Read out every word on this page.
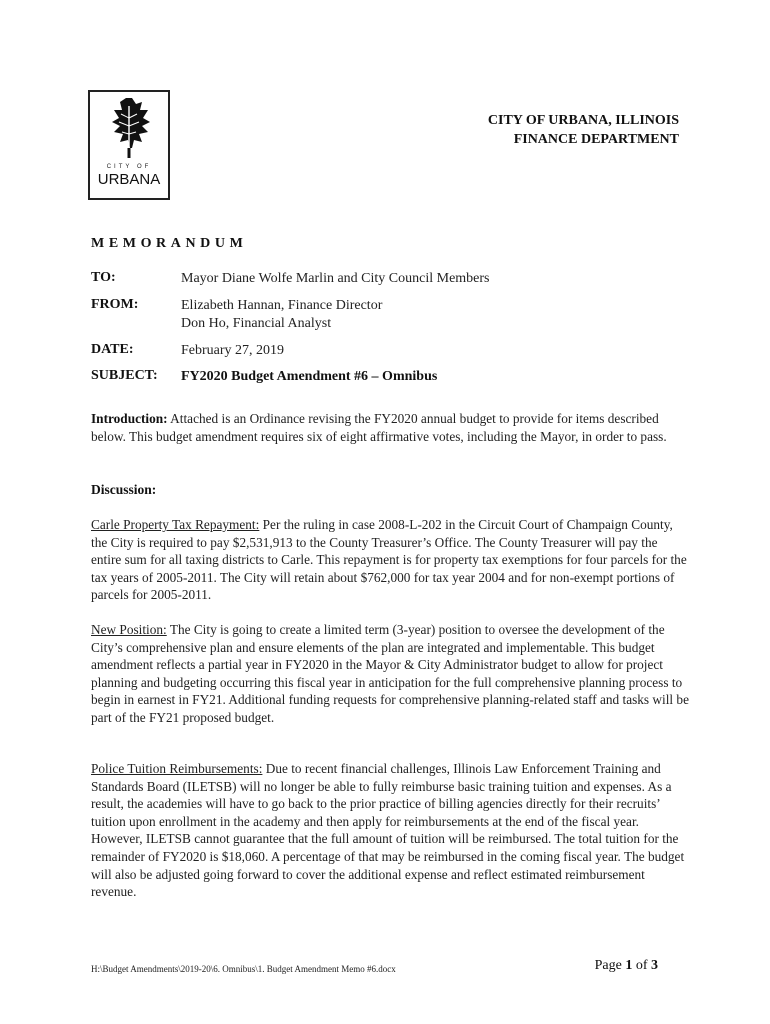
CITY OF
URBANA
CITY OF URBANA, ILLINOIS
FINANCE DEPARTMENT
MEMORANDUM
TO:	Mayor Diane Wolfe Marlin and City Council Members
FROM:	Elizabeth Hannan, Finance Director
Don Ho, Financial Analyst
DATE:	February 27, 2019
SUBJECT: FY2020 Budget Amendment #6 – Omnibus
Introduction: Attached is an Ordinance revising the FY2020 annual budget to provide for items described below. This budget amendment requires six of eight affirmative votes, including the Mayor, in order to pass.
Discussion:
Carle Property Tax Repayment: Per the ruling in case 2008-L-202 in the Circuit Court of Champaign County, the City is required to pay $2,531,913 to the County Treasurer’s Office. The County Treasurer will pay the entire sum for all taxing districts to Carle. This repayment is for property tax exemptions for four parcels for the tax years of 2005-2011. The City will retain about $762,000 for tax year 2004 and for non-exempt portions of parcels for 2005-2011.
New Position: The City is going to create a limited term (3-year) position to oversee the development of the City’s comprehensive plan and ensure elements of the plan are integrated and implementable. This budget amendment reflects a partial year in FY2020 in the Mayor & City Administrator budget to allow for project planning and budgeting occurring this fiscal year in anticipation for the full comprehensive planning process to begin in earnest in FY21. Additional funding requests for comprehensive planning-related staff and tasks will be part of the FY21 proposed budget.
Police Tuition Reimbursements: Due to recent financial challenges, Illinois Law Enforcement Training and Standards Board (ILETSB) will no longer be able to fully reimburse basic training tuition and expenses. As a result, the academies will have to go back to the prior practice of billing agencies directly for their recruits’ tuition upon enrollment in the academy and then apply for reimbursements at the end of the fiscal year. However, ILETSB cannot guarantee that the full amount of tuition will be reimbursed. The total tuition for the remainder of FY2020 is $18,060. A percentage of that may be reimbursed in the coming fiscal year. The budget will also be adjusted going forward to cover the additional expense and reflect estimated reimbursement revenue.
H:\Budget Amendments\2019-20\6. Omnibus\1. Budget Amendment Memo #6.docx	Page 1 of 3
